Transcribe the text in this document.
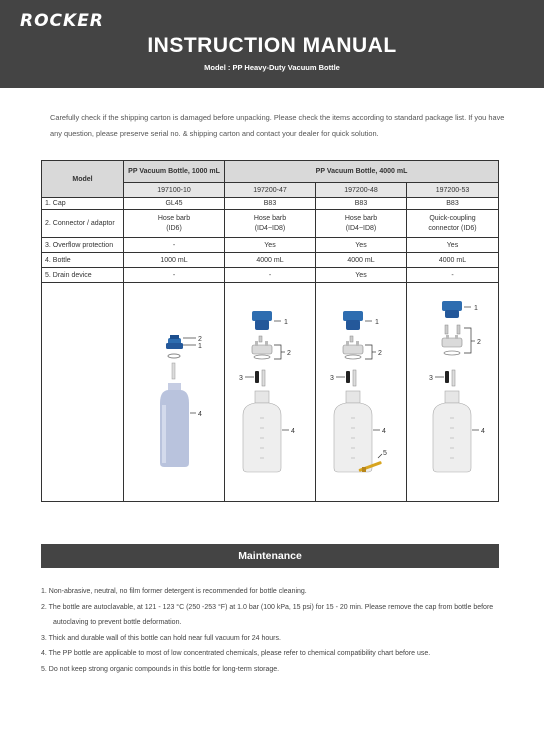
ROCKER
INSTRUCTION MANUAL
Model : PP Heavy-Duty Vacuum Bottle

Carefully check if the shipping carton is damaged before unpacking. Please check the items according to standard package list. If you have any question, please preserve serial no. & shipping carton and contact your dealer for quick solution.

Model	PP Vacuum Bottle, 1000 mL	PP Vacuum Bottle, 4000 mL		
	197100-10	197200-47	197200-48	197200-53
1. Cap	GL45	B83	B83	B83
2. Connector / adaptor	Hose barb
(ID6)	Hose barb
(ID4~ID8)	Hose barb
(ID4~ID8)	Quick-coupling
connector (ID6)
3. Overflow protection	-	Yes	Yes	Yes
4. Bottle	1000 mL	4000 mL	4000 mL	4000 mL
5. Drain device	-	-	Yes	-

2
1
4	1
2
3
4	1
2
3
4
5	1
2
3
4
Maintenance
1. Non-abrasive, neutral, no film former detergent is recommended for bottle cleaning.
2. The bottle are autoclavable, at 121 - 123 °C (250 -253 °F) at 1.0 bar (100 kPa, 15 psi) for 15 - 20 min. Please remove the cap from bottle before autoclaving to prevent bottle deformation.
3. Thick and durable wall of this bottle can hold near full vacuum for 24 hours.
4. The PP bottle are applicable to most of low concentrated chemicals, please refer to chemical compatibility chart before use.
5. Do not keep strong organic compounds in this bottle for long-term storage.
